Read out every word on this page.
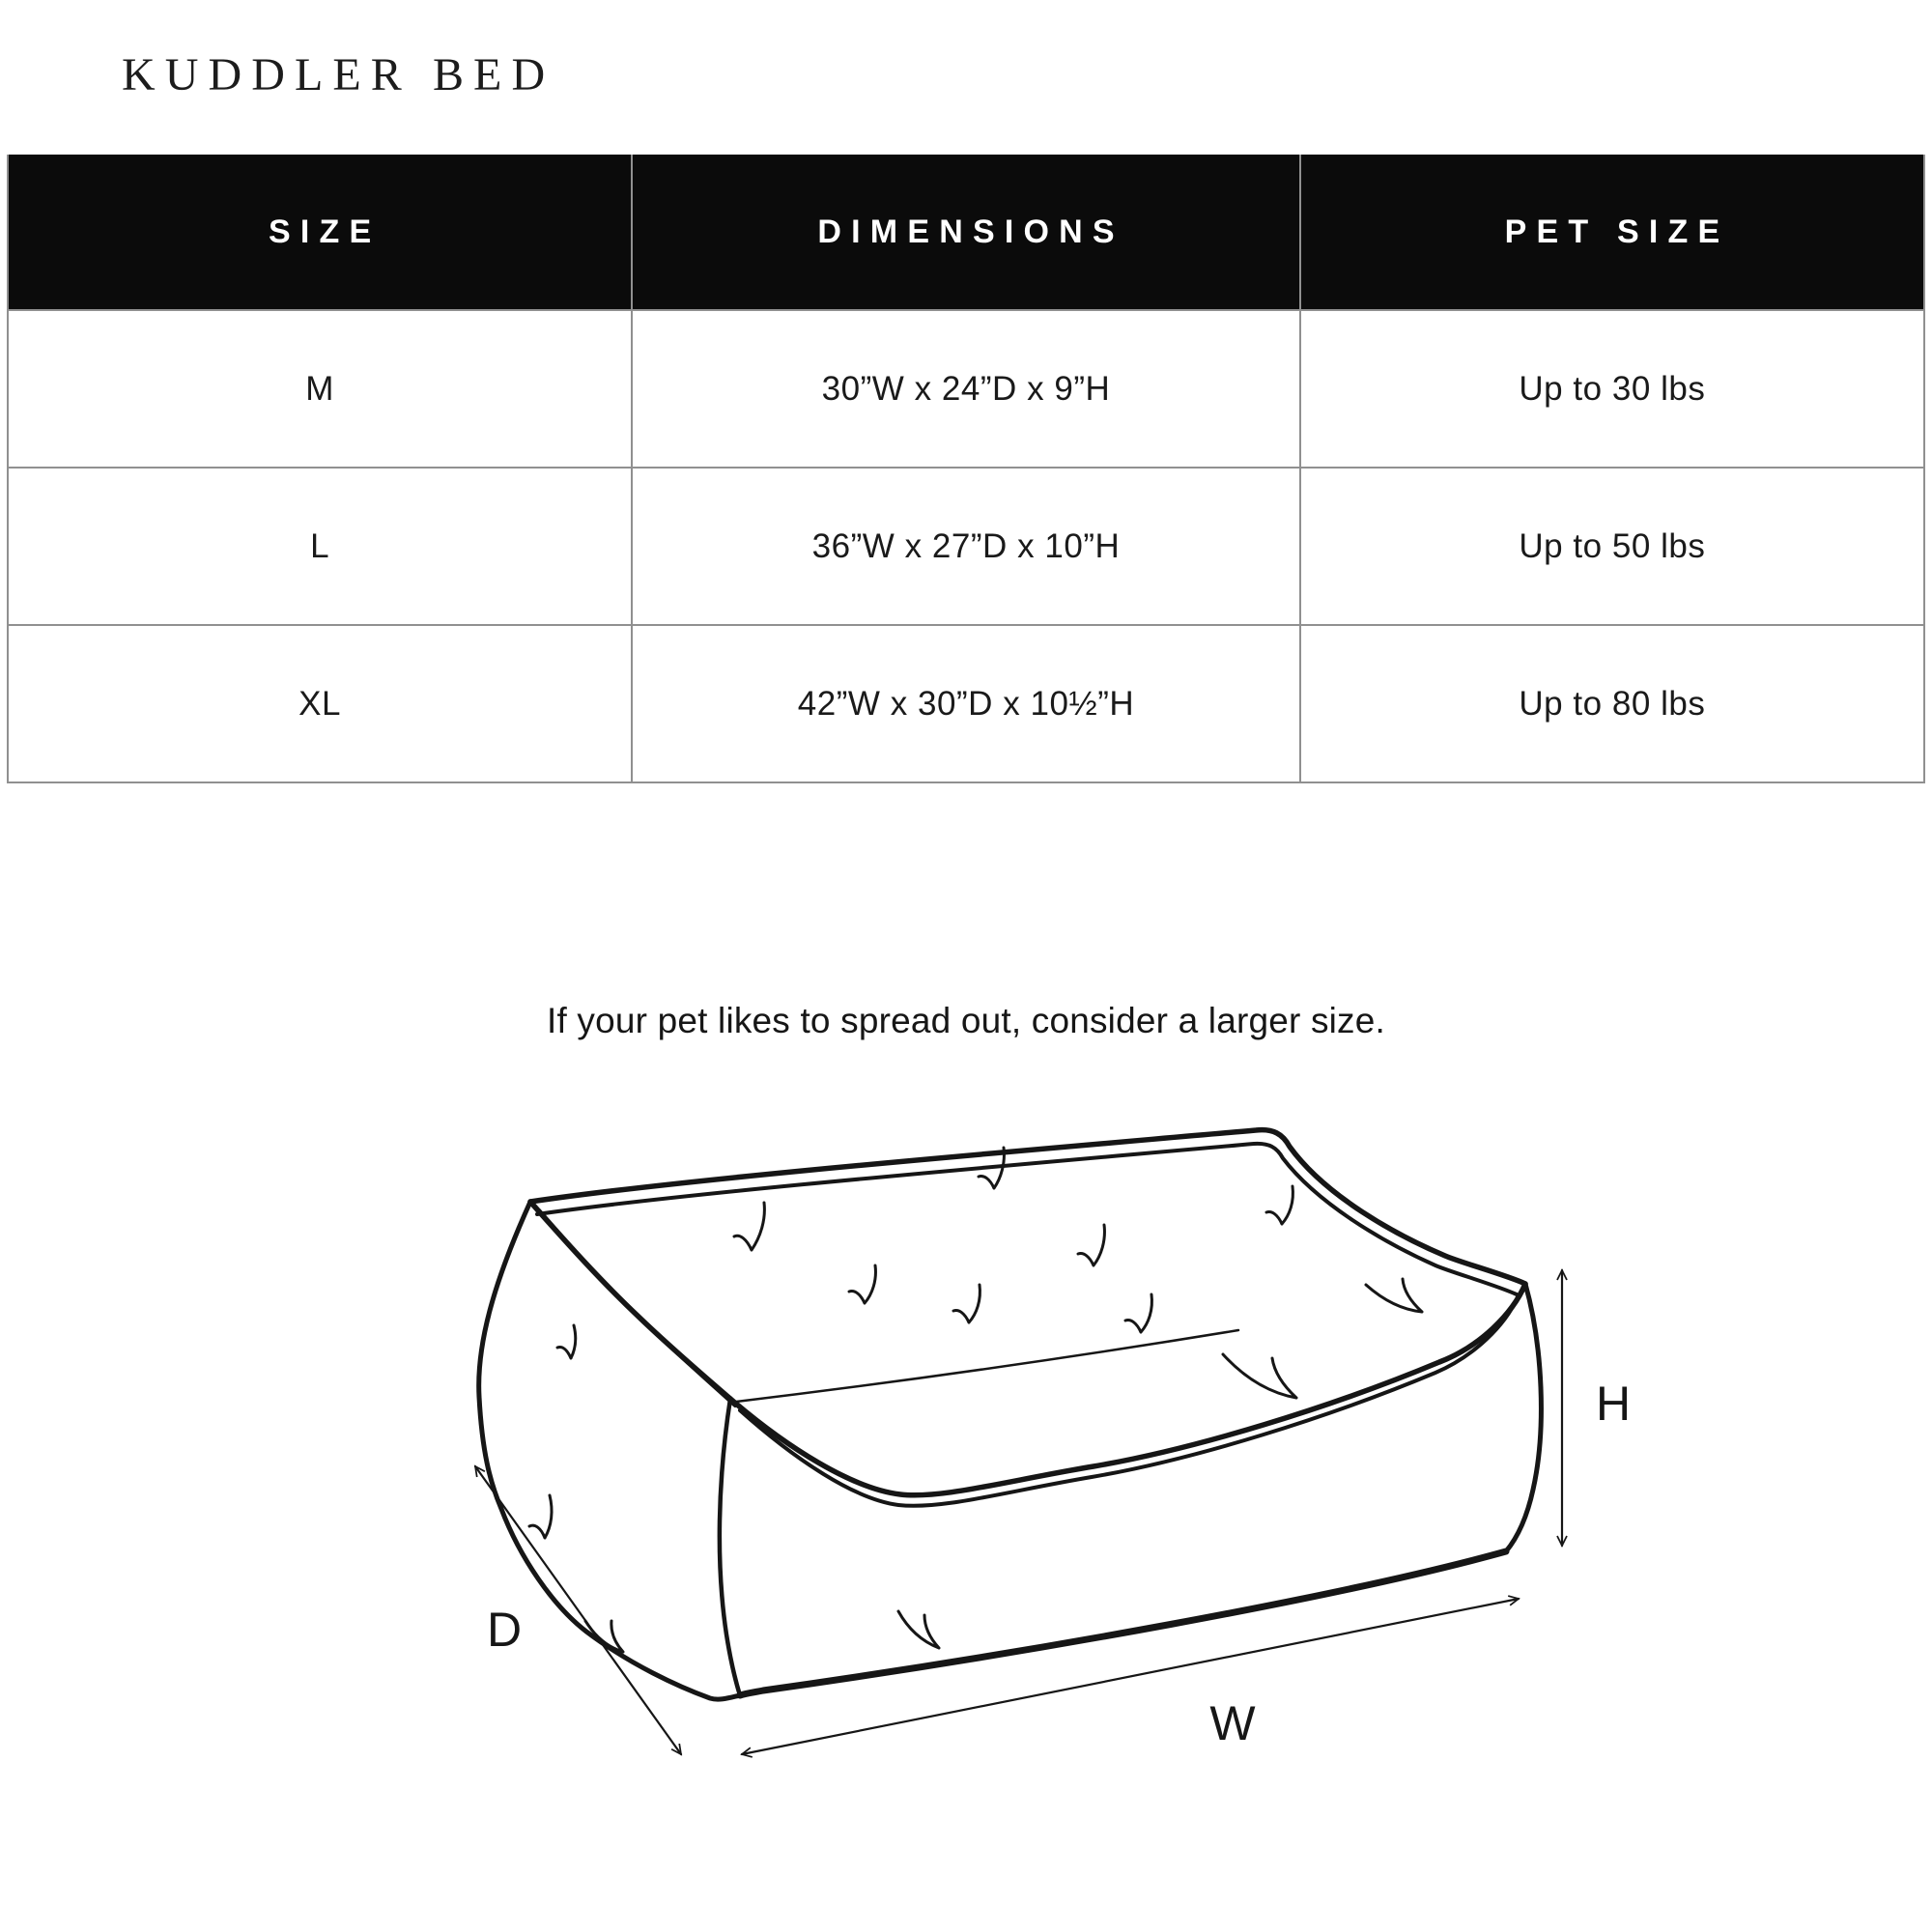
KUDDLER BED
SIZE	DIMENSIONS	PET SIZE
M	30”W x 24”D x 9”H	Up to 30 lbs
L	36”W x 27”D x 10”H	Up to 50 lbs
XL	42”W x 30”D x 10½”H	Up to 80 lbs
If your pet likes to spread out, consider a larger size.
H
D
W
